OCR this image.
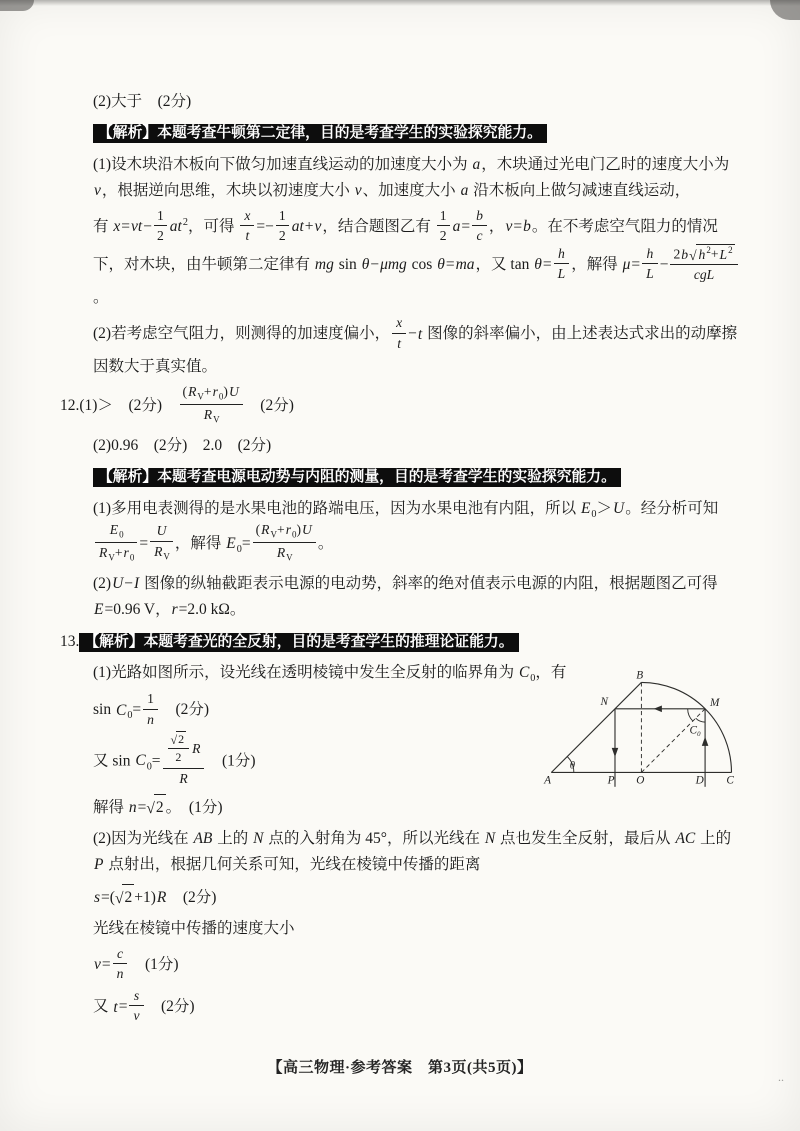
(2)大于　(2分)
【解析】本题考查牛顿第二定律，目的是考查学生的实验探究能力。
(1)设木块沿木板向下做匀加速直线运动的加速度大小为 a，木块通过光电门乙时的速度大小为 v，根据逆向思维，木块以初速度大小 v、加速度大小 a 沿木板向上做匀减速直线运动，
有 $x=vt- \frac{1}{2} at^2$，可得 $\frac{x}{t} =- \frac{1}{2} at+v$，结合题图乙有 $\frac{1}{2} a= \frac{b}{c}$ ，v=b。在不考虑空气阻力的情况下，对木块，由牛顿第二定律有 mg sin θ−μmg cos θ=ma，又 $\tan \theta= \frac{h}{L}$ ，解得 $\mu= \frac{h}{L} - \frac{2b√ h^2+L^2}{\text{cgL}}$
。
(2)若考虑空气阻力，则测得的加速度偏小， $\frac{x}{t} -t$ 图像的斜率偏小，由上述表达式求出的动摩擦因数大于真实值。
12.(1)＞　(2分)　 $\frac{(R_V+r_0)U}{R_V}$ 　(2分)
(2)0.96　(2分)　2.0　(2分)
【解析】本题考查电源电动势与内阻的测量，目的是考查学生的实验探究能力。
(1)多用电表测得的是水果电池的路端电压，因为水果电池有内阻，所以 $E_0>U$。经分析可知
$\frac{E_0}{R_V+r_0} = \frac{U}{R_V}$ ，解得 $E_0= \frac{(R_V+r_0)U}{R_V}$ 。
(2)U−I 图像的纵轴截距表示电源的电动势，斜率的绝对值表示电源的内阻，根据题图乙可得 E=0.96 V，r=2.0 kΩ。
13. 【解析】本题考查光的全反射，目的是考查学生的推理论证能力。
(1)光路如图所示，设光线在透明棱镜中发生全反射的临界角为 $C_0$，有
$\sin C_0= \frac{1}{n}$ 　(2分)
又 $\sin C_0= \frac{\frac{√2}{2} R}{R}$ 　(1分)
解得 n=√2 。　(1分)
(2)因为光线在 AB 上的 N 点的入射角为 45°，所以光线在 N 点也发生全反射，最后从 AC 上的 P 点射出，根据几何关系可知，光线在棱镜中传播的距离
s=(√2 +1)R　(2分)
光线在棱镜中传播的速度大小
$v= \frac{c}{n}$ 　(1分)
又 $t= \frac{s}{v}$ 　(2分)
A
θ
P O	D C
B
N	M
C₀
【高三物理·参考答案　第3页(共5页)】
..
